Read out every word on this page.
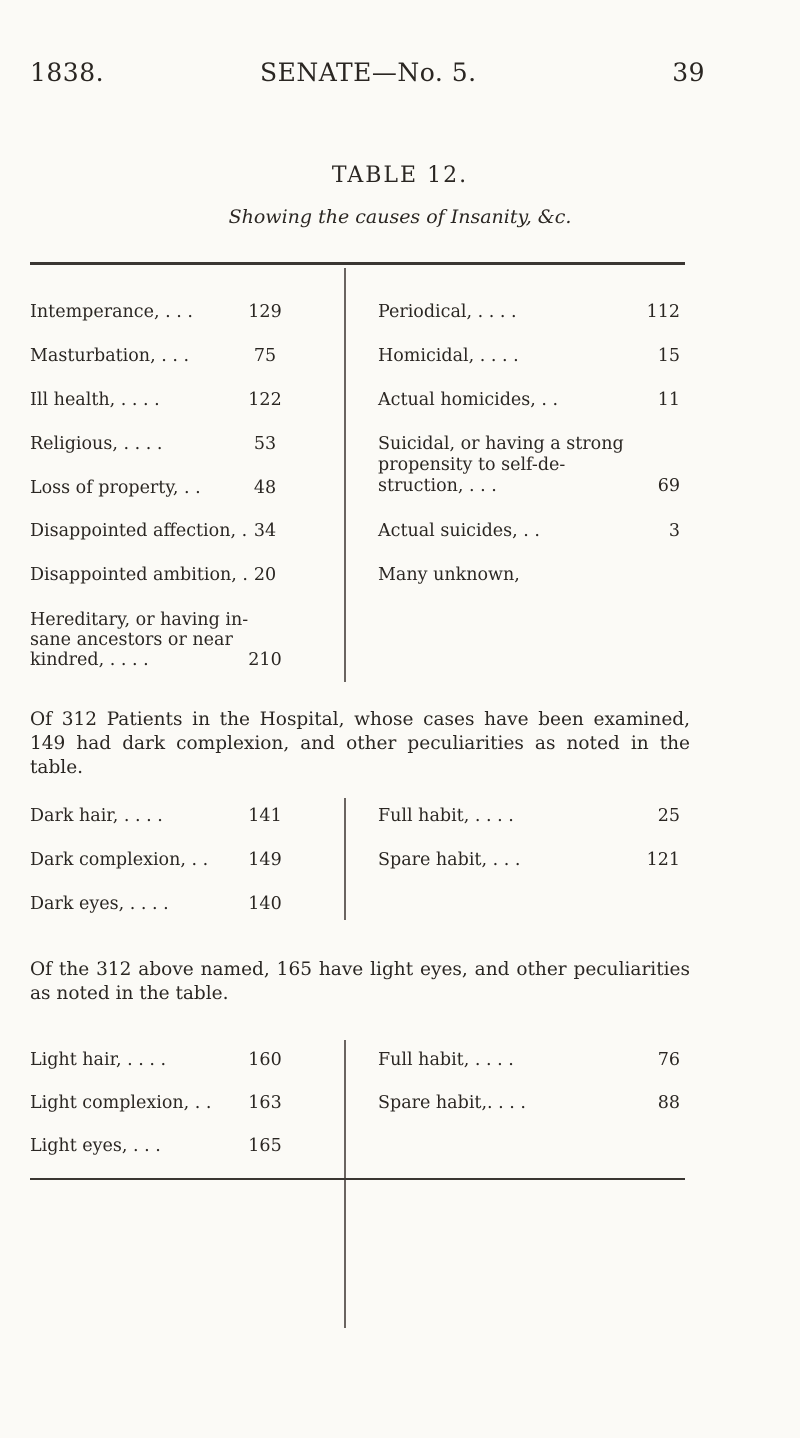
1838.	SENATE—No. 5.	39
TABLE 12.
Showing the causes of Insanity, &c.
Intemperance, . . .	129
Masturbation, . . .	75
Ill health, . . . .	122
Religious, . . . .	53
Loss of property, . .	48
Disappointed affection, . 34
Disappointed ambition, . 20
Hereditary, or having in-
sane ancestors or near
kindred, . . . .	210
Periodical, . . . .	112
Homicidal, . . . .	15
Actual homicides, . .	11
Suicidal, or having a strong
propensity to self-de-
struction, . . .	69
Actual suicides, . .	3
Many unknown,
Of 312 Patients in the Hospital, whose cases have been examined, 149 had dark complexion, and other peculiarities as noted in the table.
Dark hair, . . . .	141
Dark complexion, . .	149
Dark eyes, . . . .	140
Full habit, . . . .	25
Spare habit, . . .	121
Of the 312 above named, 165 have light eyes, and other peculiarities as noted in the table.
Light hair, . . . .	160
Light complexion, . .	163
Light eyes, . . .	165
Full habit, . . . .	76
Spare habit,. . . .	88
